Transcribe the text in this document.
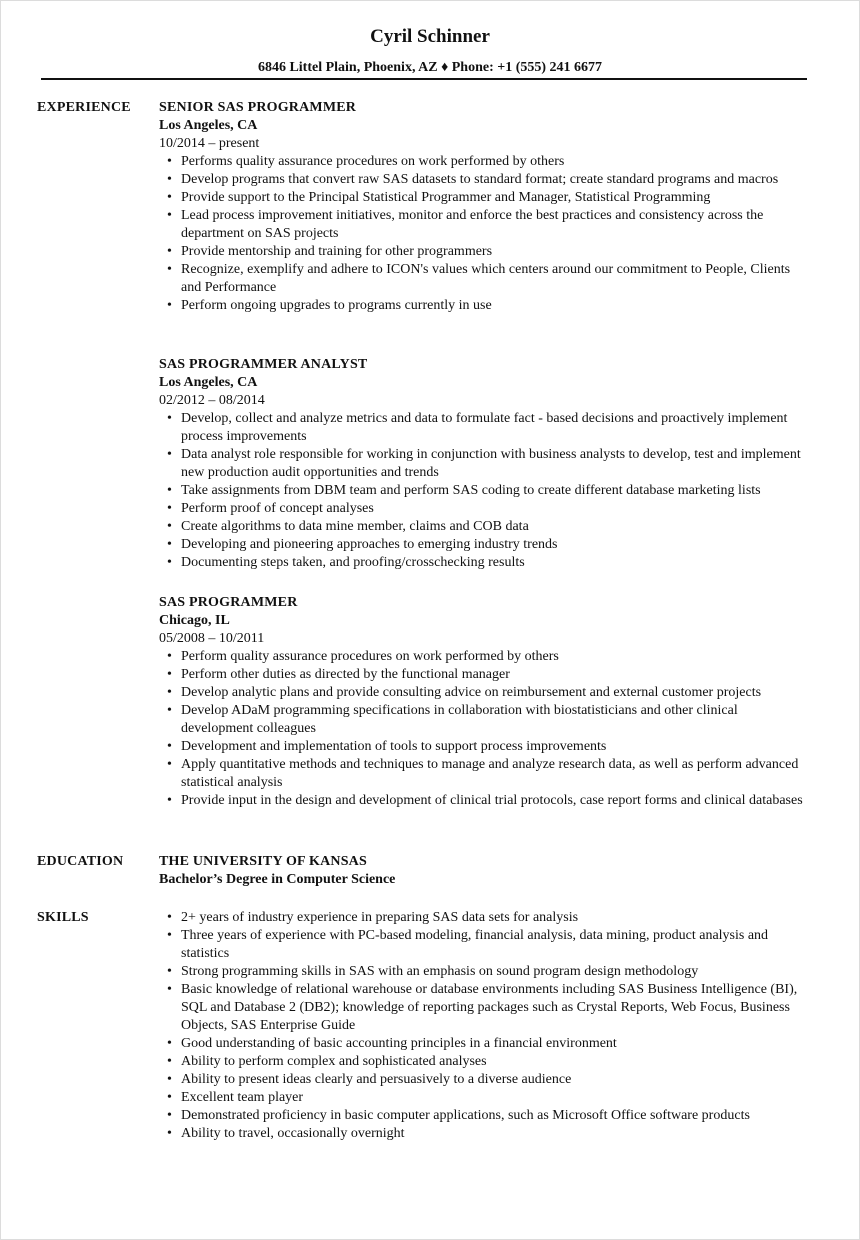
Cyril Schinner
6846 Littel Plain, Phoenix, AZ ♦ Phone: +1 (555) 241 6677
EXPERIENCE SENIOR SAS PROGRAMMER
Los Angeles, CA
10/2014 – present
• Performs quality assurance procedures on work performed by others
• Develop programs that convert raw SAS datasets to standard format; create standard programs and macros
• Provide support to the Principal Statistical Programmer and Manager, Statistical Programming
• Lead process improvement initiatives, monitor and enforce the best practices and consistency across the department on SAS projects
• Provide mentorship and training for other programmers
• Recognize, exemplify and adhere to ICON's values which centers around our commitment to People, Clients and Performance
• Perform ongoing upgrades to programs currently in use
SAS PROGRAMMER ANALYST
Los Angeles, CA
02/2012 – 08/2014
• Develop, collect and analyze metrics and data to formulate fact - based decisions and proactively implement process improvements
• Data analyst role responsible for working in conjunction with business analysts to develop, test and implement new production audit opportunities and trends
• Take assignments from DBM team and perform SAS coding to create different database marketing lists
• Perform proof of concept analyses
• Create algorithms to data mine member, claims and COB data
• Developing and pioneering approaches to emerging industry trends
• Documenting steps taken, and proofing/crosschecking results
SAS PROGRAMMER
Chicago, IL
05/2008 – 10/2011
• Perform quality assurance procedures on work performed by others
• Perform other duties as directed by the functional manager
• Develop analytic plans and provide consulting advice on reimbursement and external customer projects
• Develop ADaM programming specifications in collaboration with biostatisticians and other clinical development colleagues
• Development and implementation of tools to support process improvements
• Apply quantitative methods and techniques to manage and analyze research data, as well as perform advanced statistical analysis
• Provide input in the design and development of clinical trial protocols, case report forms and clinical databases
EDUCATION	THE UNIVERSITY OF KANSAS
Bachelor’s Degree in Computer Science
SKILLS	• 2+ years of industry experience in preparing SAS data sets for analysis
• Three years of experience with PC-based modeling, financial analysis, data mining, product analysis and statistics
• Strong programming skills in SAS with an emphasis on sound program design methodology
• Basic knowledge of relational warehouse or database environments including SAS Business Intelligence (BI), SQL and Database 2 (DB2); knowledge of reporting packages such as Crystal Reports, Web Focus, Business Objects, SAS Enterprise Guide
• Good understanding of basic accounting principles in a financial environment
• Ability to perform complex and sophisticated analyses
• Ability to present ideas clearly and persuasively to a diverse audience
• Excellent team player
• Demonstrated proficiency in basic computer applications, such as Microsoft Office software products
• Ability to travel, occasionally overnight
